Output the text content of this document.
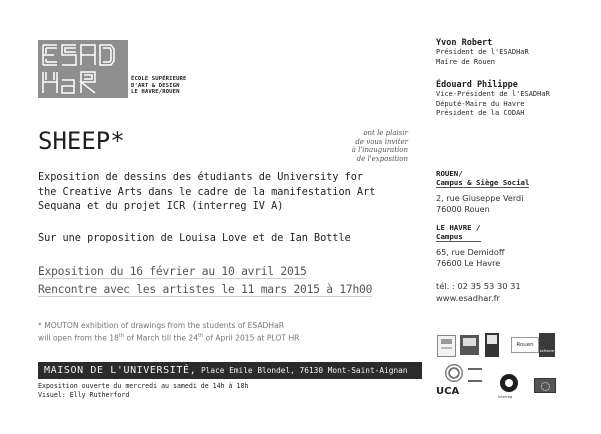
ÉCOLE SUPÉRIEURE
D'ART & DESIGN
LE HAVRE/ROUEN
Yvon Robert
Président de l'ESADHaR
Maire de Rouen
Édouard Philippe
Vice-Président de l'ESADHaR
Député-Maire du Havre
Président de la CODAH
SHEEP*	ont le plaisir
de vous inviter
à l'inauguration
de l'exposition
Exposition de dessins des étudiants de University for
the Creative Arts dans le cadre de la manifestation Art
Sequana et du projet ICR (interreg IV A)
Sur une proposition de Louisa Love et de Ian Bottle
Exposition du 16 février au 10 avril 2015
Rencontre avec les artistes le 11 mars 2015 à 17h00
* MOUTON exhibition of drawings from the students of ESADHaR
will open from the 18th of March till the 24th of April 2015 at PLOT HR
MAISON DE L'UNIVERSITÉ, Place Emile Blondel, 76130 Mont-Saint-Aignan
Exposition ouverte du mercredi au samedi de 14h à 18h
Visuel: Elly Rutherford
ROUEN/
Campus & Siège Social
2, rue Giuseppe Verdi
76000 Rouen
LE HAVRE /
Campus
65, rue Demidoff
76600 Le Havre
tél. : 02 35 53 30 31
www.esadhar.fr
Rouen
LeHavre
UCA	Interreg
